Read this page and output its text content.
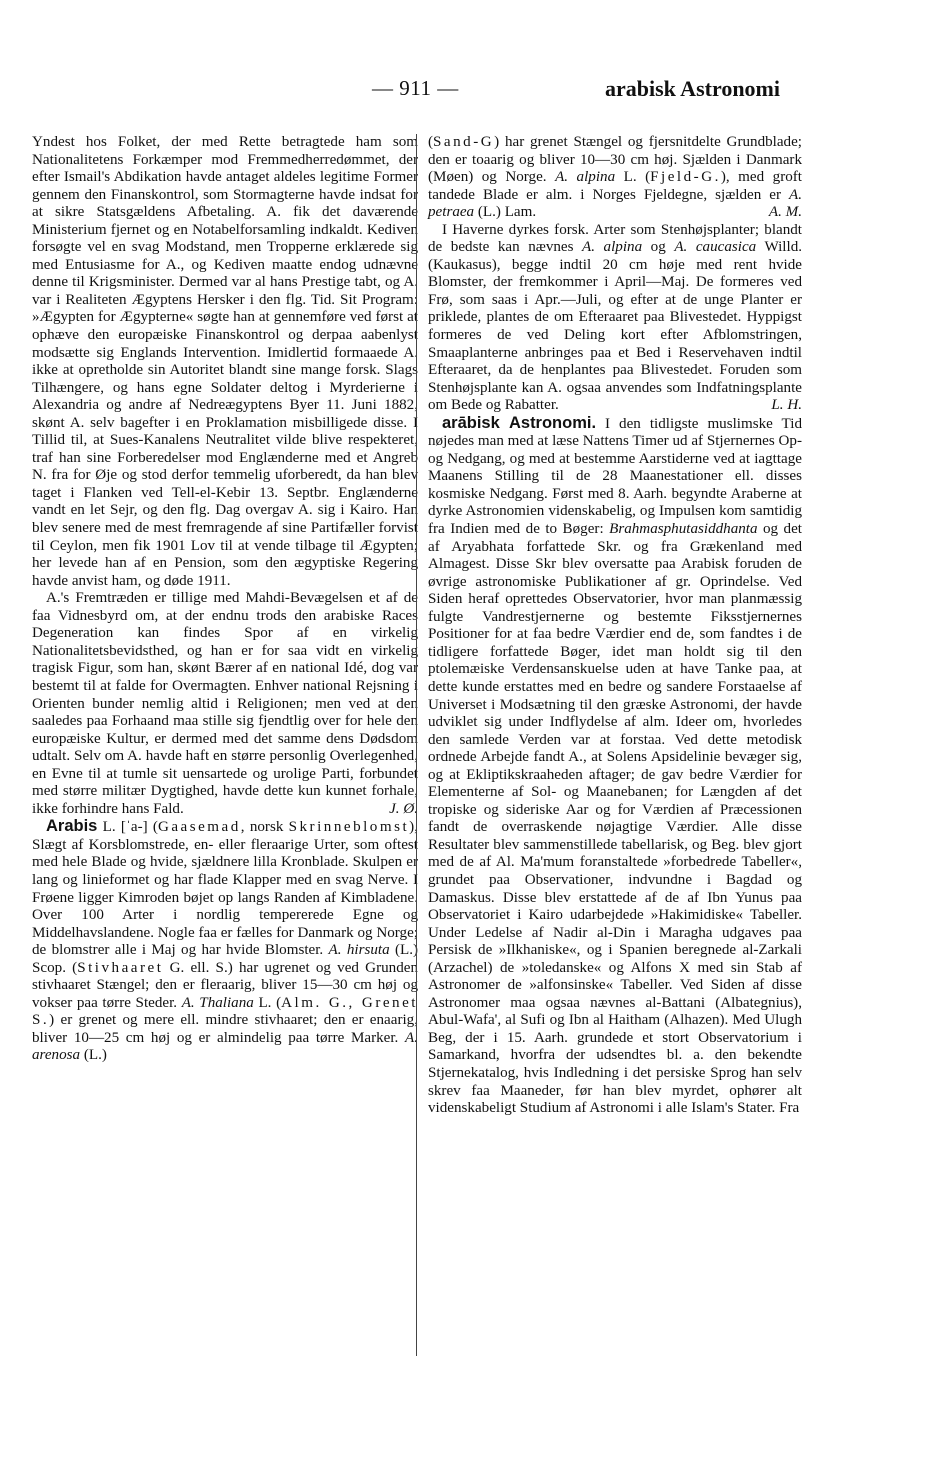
— 911 —	arabisk Astronomi

Yndest hos Folket, der med Rette betragtede ham som Nationalitetens Forkæmper mod Fremmedherredømmet, der efter Ismail's Abdikation havde antaget aldeles legitime Former gennem den Finanskontrol, som Stormagterne havde indsat for at sikre Statsgældens Afbetaling. A. fik det daværende Ministerium fjernet og en Notabelforsamling indkaldt. Kediven forsøgte vel en svag Modstand, men Tropperne erklærede sig med Entusiasme for A., og Kediven maatte endog udnævne denne til Krigsminister. Dermed var al hans Prestige tabt, og A. var i Realiteten Ægyptens Hersker i den flg. Tid. Sit Program: »Ægypten for Ægypterne« søgte han at gennemføre ved først at ophæve den europæiske Finanskontrol og derpaa aabenlyst modsætte sig Englands Intervention. Imidlertid formaaede A. ikke at opretholde sin Autoritet blandt sine mange forsk. Slags Tilhængere, og hans egne Soldater deltog i Myrderierne i Alexandria og andre af Nedreægyptens Byer 11. Juni 1882, skønt A. selv bagefter i en Proklamation misbilligede disse. I Tillid til, at Sues-Kanalens Neutralitet vilde blive respekteret, traf han sine Forberedelser mod Englænderne med et Angreb N. fra for Øje og stod derfor temmelig uforberedt, da han blev taget i Flanken ved Tell-el-Kebir 13. Septbr. Englænderne vandt en let Sejr, og den flg. Dag overgav A. sig i Kairo. Han blev senere med de mest fremragende af sine Partifæller forvist til Ceylon, men fik 1901 Lov til at vende tilbage til Ægypten; her levede han af en Pension, som den ægyptiske Regering havde anvist ham, og døde 1911.

A.'s Fremtræden er tillige med Mahdi-Bevægelsen et af de faa Vidnesbyrd om, at der endnu trods den arabiske Races Degeneration kan findes Spor af en virkelig Nationalitetsbevidsthed, og han er for saa vidt en virkelig tragisk Figur, som han, skønt Bærer af en national Idé, dog var bestemt til at falde for Overmagten. Enhver national Rejsning i Orienten bunder nemlig altid i Religionen; men ved at den saaledes paa Forhaand maa stille sig fjendtlig over for hele den europæiske Kultur, er dermed med det samme dens Dødsdom udtalt. Selv om A. havde haft en større personlig Overlegenhed, en Evne til at tumle sit uensartede og urolige Parti, forbundet med større militær Dygtighed, havde dette kun kunnet forhale, ikke forhindre hans Fald.	J. Ø.

Arabis L. [ˈa-] (Gaasemad, norsk Skrinneblomst), Slægt af Korsblomstrede, en- eller fleraarige Urter, som oftest med hele Blade og hvide, sjældnere lilla Kronblade. Skulpen er lang og linieformet og har flade Klapper med en svag Nerve. I Frøene ligger Kimroden bøjet op langs Randen af Kimbladene. Over 100 Arter i nordlig tempererede Egne og Middelhavslandene. Nogle faa er fælles for Danmark og Norge; de blomstrer alle i Maj og har hvide Blomster. A. hirsuta (L.) Scop. (Stivhaaret G. ell. S.) har ugrenet og ved Grunden stivhaaret Stængel; den er fleraarig, bliver 15—30 cm høj og vokser paa tørre Steder. A. Thaliana L. (Alm. G., Grenet S.) er grenet og mere ell. mindre stivhaaret; den er enaarig, bliver 10—25 cm høj og er almindelig paa tørre Marker. A. arenosa (L.)

(Sand-G) har grenet Stængel og fjersnitdelte Grundblade; den er toaarig og bliver 10—30 cm høj. Sjælden i Danmark (Møen) og Norge. A. alpina L. (Fjeld-G.), med groft tandede Blade er alm. i Norges Fjeldegne, sjælden er A. petraea (L.) Lam.	A. M.

I Haverne dyrkes forsk. Arter som Stenhøjsplanter; blandt de bedste kan nævnes A. alpina og A. caucasica Willd. (Kaukasus), begge indtil 20 cm høje med rent hvide Blomster, der fremkommer i April—Maj. De formeres ved Frø, som saas i Apr.—Juli, og efter at de unge Planter er priklede, plantes de om Efteraaret paa Blivestedet. Hyppigst formeres de ved Deling kort efter Afblomstringen, Smaaplanterne anbringes paa et Bed i Reservehaven indtil Efteraaret, da de henplantes paa Blivestedet. Foruden som Stenhøjsplante kan A. ogsaa anvendes som Indfatningsplante om Bede og Rabatter.	L. H.

arābisk Astronomi. I den tidligste muslimske Tid nøjedes man med at læse Nattens Timer ud af Stjernernes Op- og Nedgang, og med at bestemme Aarstiderne ved at iagttage Maanens Stilling til de 28 Maanestationer ell. disses kosmiske Nedgang. Først med 8. Aarh. begyndte Araberne at dyrke Astronomien videnskabelig, og Impulsen kom samtidig fra Indien med de to Bøger: Brahmasphutasiddhanta og det af Aryabhata forfattede Skr. og fra Grækenland med Almagest. Disse Skr blev oversatte paa Arabisk foruden de øvrige astronomiske Publikationer af gr. Oprindelse. Ved Siden heraf oprettedes Observatorier, hvor man planmæssig fulgte Vandrestjernerne og bestemte Fiksstjernernes Positioner for at faa bedre Værdier end de, som fandtes i de tidligere forfattede Bøger, idet man holdt sig til den ptolemæiske Verdensanskuelse uden at have Tanke paa, at dette kunde erstattes med en bedre og sandere Forstaaelse af Universet i Modsætning til den græske Astronomi, der havde udviklet sig under Indflydelse af alm. Ideer om, hvorledes den samlede Verden var at forstaa. Ved dette metodisk ordnede Arbejde fandt A., at Solens Apsidelinie bevæger sig, og at Ekliptikskraaheden aftager; de gav bedre Værdier for Elementerne af Sol- og Maanebanen; for Længden af det tropiske og sideriske Aar og for Værdien af Præcessionen fandt de overraskende nøjagtige Værdier. Alle disse Resultater blev sammenstillede tabellarisk, og Beg. blev gjort med de af Al. Ma'mum foranstaltede »forbedrede Tabeller«, grundet paa Observationer, indvundne i Bagdad og Damaskus. Disse blev erstattede af de af Ibn Yunus paa Observatoriet i Kairo udarbejdede »Hakimidiske« Tabeller. Under Ledelse af Nadir al-Din i Maragha udgaves paa Persisk de »Ilkhaniske«, og i Spanien beregnede al-Zarkali (Arzachel) de »toledanske« og Alfons X med sin Stab af Astronomer de »alfonsinske« Tabeller. Ved Siden af disse Astronomer maa ogsaa nævnes al-Battani (Albategnius), Abul-Wafa', al Sufi og Ibn al Haitham (Alhazen). Med Ulugh Beg, der i 15. Aarh. grundede et stort Observatorium i Samarkand, hvorfra der udsendtes bl. a. den bekendte Stjernekatalog, hvis Indledning i det persiske Sprog han selv skrev faa Maaneder, før han blev myrdet, ophører alt videnskabeligt Studium af Astronomi i alle Islam's Stater. Fra
